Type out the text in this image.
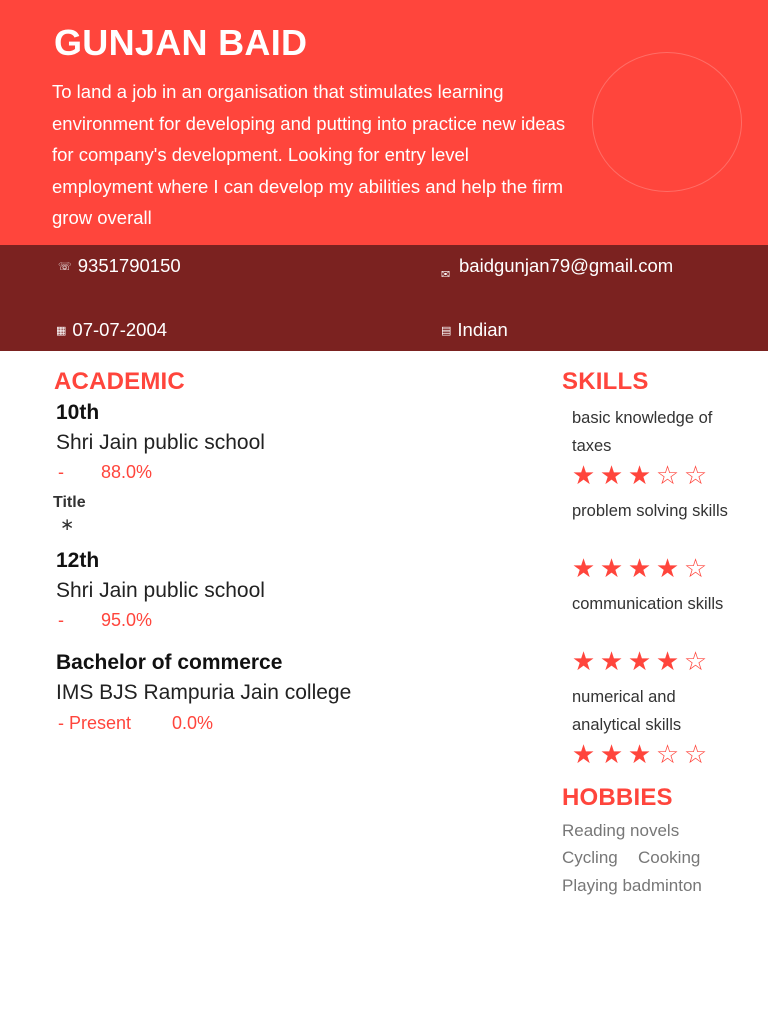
GUNJAN BAID

To land a job in an organisation that stimulates learning environment for developing and putting into practice new ideas for company's development. Looking for entry level employment where I can develop my abilities and help the firm grow overall

☏ 9351790150	✉ baidgunjan79@gmail.com
▦ 07-07-2004	▤ Indian
ACADEMIC
10th
Shri Jain public school
- 88.0%
Title
∗
12th
Shri Jain public school
- 95.0%
Bachelor of commerce
IMS BJS Rampuria Jain college
- Present 0.0%
SKILLS
basic knowledge of taxes
★ ★ ★ ☆ ☆
problem solving skills
★ ★ ★ ★ ☆
communication skills
★ ★ ★ ★ ☆
numerical and analytical skills
★ ★ ★ ☆ ☆
HOBBIES
Reading novels
Cycling Cooking
Playing badminton
